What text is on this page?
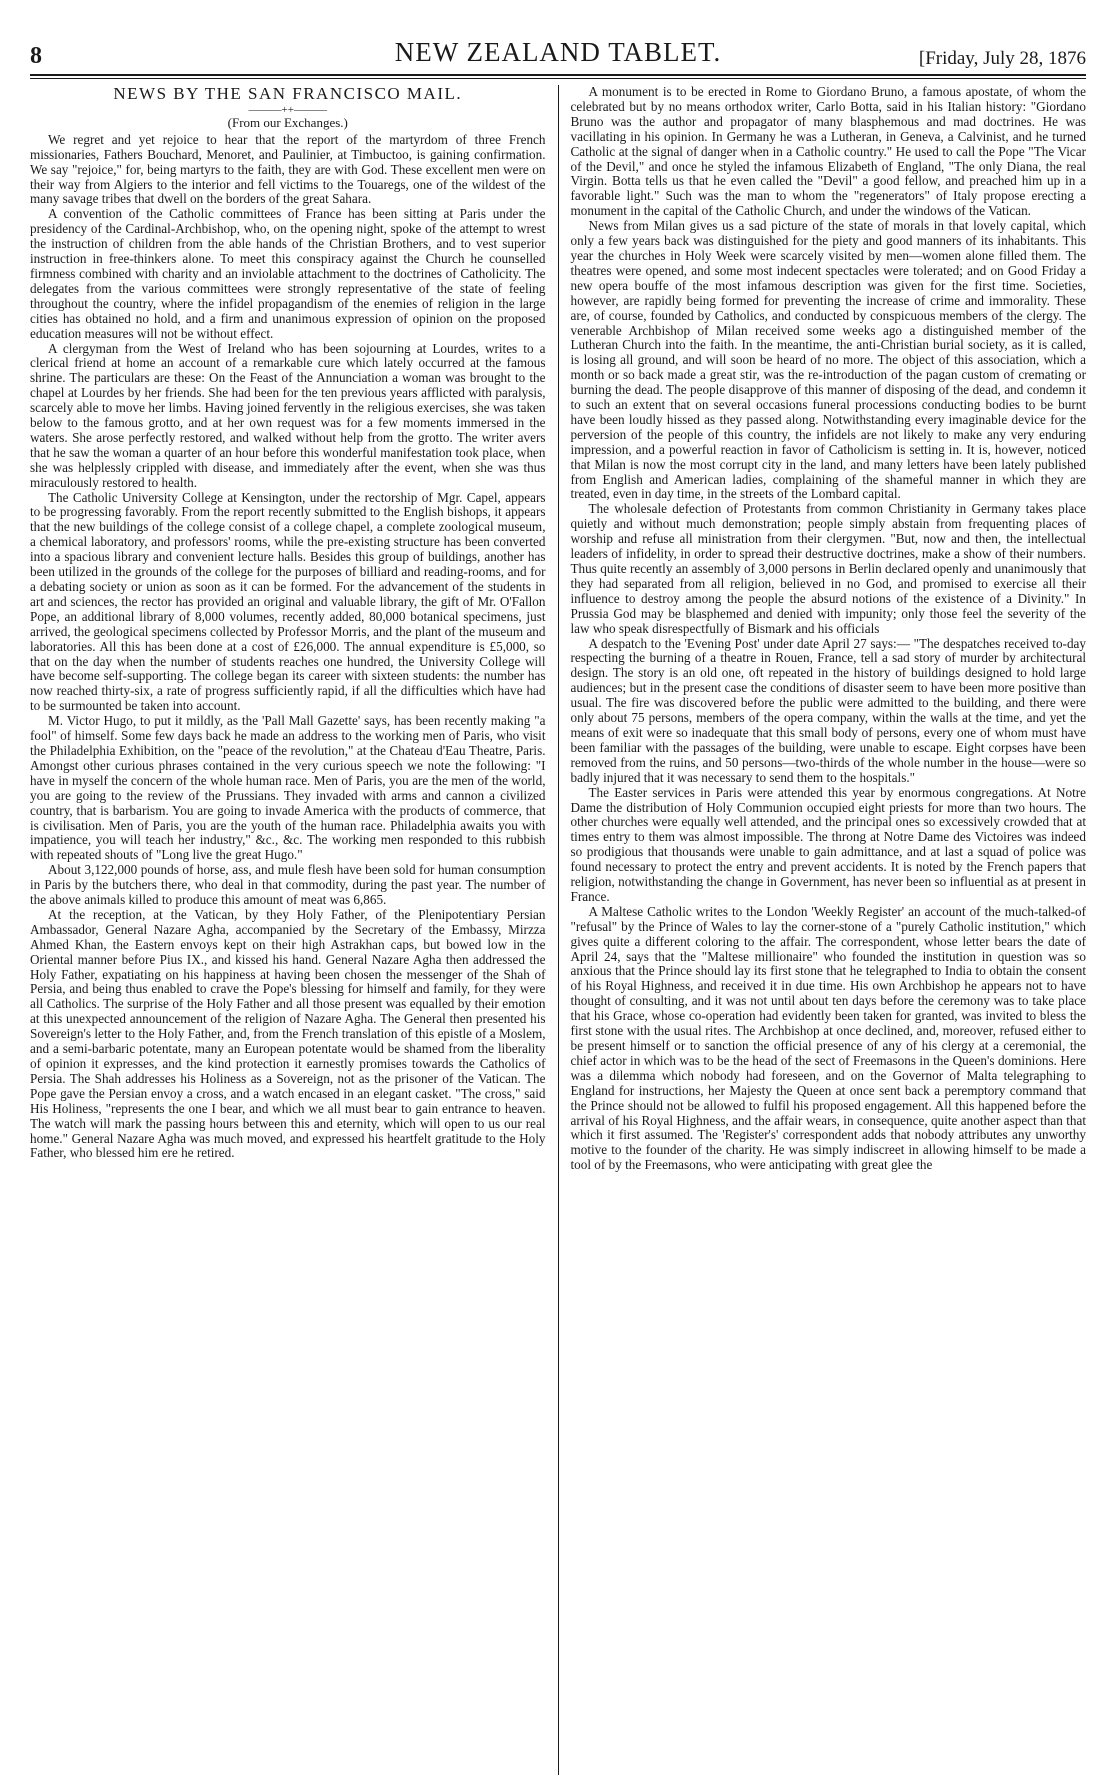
8	NEW ZEALAND TABLET.	[Friday, July 28, 1876
NEWS BY THE SAN FRANCISCO MAIL.
———++———
(From our Exchanges.)

We regret and yet rejoice to hear that the report of the martyrdom of three French missionaries, Fathers Bouchard, Menoret, and Paulinier, at Timbuctoo, is gaining confirmation. We say "rejoice," for, being martyrs to the faith, they are with God. These excellent men were on their way from Algiers to the interior and fell victims to the Touaregs, one of the wildest of the many savage tribes that dwell on the borders of the great Sahara.

A convention of the Catholic committees of France has been sitting at Paris under the presidency of the Cardinal-Archbishop, who, on the opening night, spoke of the attempt to wrest the instruction of children from the able hands of the Christian Brothers, and to vest superior instruction in free-thinkers alone. To meet this conspiracy against the Church he counselled firmness combined with charity and an inviolable attachment to the doctrines of Catholicity. The delegates from the various committees were strongly representative of the state of feeling throughout the country, where the infidel propagandism of the enemies of religion in the large cities has obtained no hold, and a firm and unanimous expression of opinion on the proposed education measures will not be without effect.

A clergyman from the West of Ireland who has been sojourning at Lourdes, writes to a clerical friend at home an account of a remarkable cure which lately occurred at the famous shrine. The particulars are these: On the Feast of the Annunciation a woman was brought to the chapel at Lourdes by her friends. She had been for the ten previous years afflicted with paralysis, scarcely able to move her limbs. Having joined fervently in the religious exercises, she was taken below to the famous grotto, and at her own request was for a few moments immersed in the waters. She arose perfectly restored, and walked without help from the grotto. The writer avers that he saw the woman a quarter of an hour before this wonderful manifestation took place, when she was helplessly crippled with disease, and immediately after the event, when she was thus miraculously restored to health.

The Catholic University College at Kensington, under the rectorship of Mgr. Capel, appears to be progressing favorably. From the report recently submitted to the English bishops, it appears that the new buildings of the college consist of a college chapel, a complete zoological museum, a chemical laboratory, and professors' rooms, while the pre-existing structure has been converted into a spacious library and convenient lecture halls. Besides this group of buildings, another has been utilized in the grounds of the college for the purposes of billiard and reading-rooms, and for a debating society or union as soon as it can be formed. For the advancement of the students in art and sciences, the rector has provided an original and valuable library, the gift of Mr. O'Fallon Pope, an additional library of 8,000 volumes, recently added, 80,000 botanical specimens, just arrived, the geological specimens collected by Professor Morris, and the plant of the museum and laboratories. All this has been done at a cost of £26,000. The annual expenditure is £5,000, so that on the day when the number of students reaches one hundred, the University College will have become self-supporting. The college began its career with sixteen students: the number has now reached thirty-six, a rate of progress sufficiently rapid, if all the difficulties which have had to be surmounted be taken into account.

M. Victor Hugo, to put it mildly, as the 'Pall Mall Gazette' says, has been recently making "a fool" of himself. Some few days back he made an address to the working men of Paris, who visit the Philadelphia Exhibition, on the "peace of the revolution," at the Chateau d'Eau Theatre, Paris. Amongst other curious phrases contained in the very curious speech we note the following: "I have in myself the concern of the whole human race. Men of Paris, you are the men of the world, you are going to the review of the Prussians. They invaded with arms and cannon a civilized country, that is barbarism. You are going to invade America with the products of commerce, that is civilisation. Men of Paris, you are the youth of the human race. Philadelphia awaits you with impatience, you will teach her industry," &c., &c. The working men responded to this rubbish with repeated shouts of "Long live the great Hugo."

About 3,122,000 pounds of horse, ass, and mule flesh have been sold for human consumption in Paris by the butchers there, who deal in that commodity, during the past year. The number of the above animals killed to produce this amount of meat was 6,865.

At the reception, at the Vatican, by they Holy Father, of the Plenipotentiary Persian Ambassador, General Nazare Agha, accompanied by the Secretary of the Embassy, Mirzza Ahmed Khan, the Eastern envoys kept on their high Astrakhan caps, but bowed low in the Oriental manner before Pius IX., and kissed his hand. General Nazare Agha then addressed the Holy Father, expatiating on his happiness at having been chosen the messenger of the Shah of Persia, and being thus enabled to crave the Pope's blessing for himself and family, for they were all Catholics. The surprise of the Holy Father and all those present was equalled by their emotion at this unexpected announcement of the religion of Nazare Agha. The General then presented his Sovereign's letter to the Holy Father, and, from the French translation of this epistle of a Moslem, and a semi-barbaric potentate, many an European potentate would be shamed from the liberality of opinion it expresses, and the kind protection it earnestly promises towards the Catholics of Persia. The Shah addresses his Holiness as a Sovereign, not as the prisoner of the Vatican. The Pope gave the Persian envoy a cross, and a watch encased in an elegant casket. "The cross," said His Holiness, "represents the one I bear, and which we all must bear to gain entrance to heaven. The watch will mark the passing hours between this and eternity, which will open to us our real home." General Nazare Agha was much moved, and expressed his heartfelt gratitude to the Holy Father, who blessed him ere he retired.

A monument is to be erected in Rome to Giordano Bruno, a famous apostate, of whom the celebrated but by no means orthodox writer, Carlo Botta, said in his Italian history: "Giordano Bruno was the author and propagator of many blasphemous and mad doctrines. He was vacillating in his opinion. In Germany he was a Lutheran, in Geneva, a Calvinist, and he turned Catholic at the signal of danger when in a Catholic country." He used to call the Pope "The Vicar of the Devil," and once he styled the infamous Elizabeth of England, "The only Diana, the real Virgin. Botta tells us that he even called the "Devil" a good fellow, and preached him up in a favorable light." Such was the man to whom the "regenerators" of Italy propose erecting a monument in the capital of the Catholic Church, and under the windows of the Vatican.

News from Milan gives us a sad picture of the state of morals in that lovely capital, which only a few years back was distinguished for the piety and good manners of its inhabitants. This year the churches in Holy Week were scarcely visited by men—women alone filled them. The theatres were opened, and some most indecent spectacles were tolerated; and on Good Friday a new opera bouffe of the most infamous description was given for the first time. Societies, however, are rapidly being formed for preventing the increase of crime and immorality. These are, of course, founded by Catholics, and conducted by conspicuous members of the clergy. The venerable Archbishop of Milan received some weeks ago a distinguished member of the Lutheran Church into the faith. In the meantime, the anti-Christian burial society, as it is called, is losing all ground, and will soon be heard of no more. The object of this association, which a month or so back made a great stir, was the re-introduction of the pagan custom of cremating or burning the dead. The people disapprove of this manner of disposing of the dead, and condemn it to such an extent that on several occasions funeral processions conducting bodies to be burnt have been loudly hissed as they passed along. Notwithstanding every imaginable device for the perversion of the people of this country, the infidels are not likely to make any very enduring impression, and a powerful reaction in favor of Catholicism is setting in. It is, however, noticed that Milan is now the most corrupt city in the land, and many letters have been lately published from English and American ladies, complaining of the shameful manner in which they are treated, even in day time, in the streets of the Lombard capital.

The wholesale defection of Protestants from common Christianity in Germany takes place quietly and without much demonstration; people simply abstain from frequenting places of worship and refuse all ministration from their clergymen. "But, now and then, the intellectual leaders of infidelity, in order to spread their destructive doctrines, make a show of their numbers. Thus quite recently an assembly of 3,000 persons in Berlin declared openly and unanimously that they had separated from all religion, believed in no God, and promised to exercise all their influence to destroy among the people the absurd notions of the existence of a Divinity." In Prussia God may be blasphemed and denied with impunity; only those feel the severity of the law who speak disrespectfully of Bismark and his officials

A despatch to the 'Evening Post' under date April 27 says:— "The despatches received to-day respecting the burning of a theatre in Rouen, France, tell a sad story of murder by architectural design. The story is an old one, oft repeated in the history of buildings designed to hold large audiences; but in the present case the conditions of disaster seem to have been more positive than usual. The fire was discovered before the public were admitted to the building, and there were only about 75 persons, members of the opera company, within the walls at the time, and yet the means of exit were so inadequate that this small body of persons, every one of whom must have been familiar with the passages of the building, were unable to escape. Eight corpses have been removed from the ruins, and 50 persons—two-thirds of the whole number in the house—were so badly injured that it was necessary to send them to the hospitals."

The Easter services in Paris were attended this year by enormous congregations. At Notre Dame the distribution of Holy Communion occupied eight priests for more than two hours. The other churches were equally well attended, and the principal ones so excessively crowded that at times entry to them was almost impossible. The throng at Notre Dame des Victoires was indeed so prodigious that thousands were unable to gain admittance, and at last a squad of police was found necessary to protect the entry and prevent accidents. It is noted by the French papers that religion, notwithstanding the change in Government, has never been so influential as at present in France.

A Maltese Catholic writes to the London 'Weekly Register' an account of the much-talked-of "refusal" by the Prince of Wales to lay the corner-stone of a "purely Catholic institution," which gives quite a different coloring to the affair. The correspondent, whose letter bears the date of April 24, says that the "Maltese millionaire" who founded the institution in question was so anxious that the Prince should lay its first stone that he telegraphed to India to obtain the consent of his Royal Highness, and received it in due time. His own Archbishop he appears not to have thought of consulting, and it was not until about ten days before the ceremony was to take place that his Grace, whose co-operation had evidently been taken for granted, was invited to bless the first stone with the usual rites. The Archbishop at once declined, and, moreover, refused either to be present himself or to sanction the official presence of any of his clergy at a ceremonial, the chief actor in which was to be the head of the sect of Freemasons in the Queen's dominions. Here was a dilemma which nobody had foreseen, and on the Governor of Malta telegraphing to England for instructions, her Majesty the Queen at once sent back a peremptory command that the Prince should not be allowed to fulfil his proposed engagement. All this happened before the arrival of his Royal Highness, and the affair wears, in consequence, quite another aspect than that which it first assumed. The 'Register's' correspondent adds that nobody attributes any unworthy motive to the founder of the charity. He was simply indiscreet in allowing himself to be made a tool of by the Freemasons, who were anticipating with great glee the
